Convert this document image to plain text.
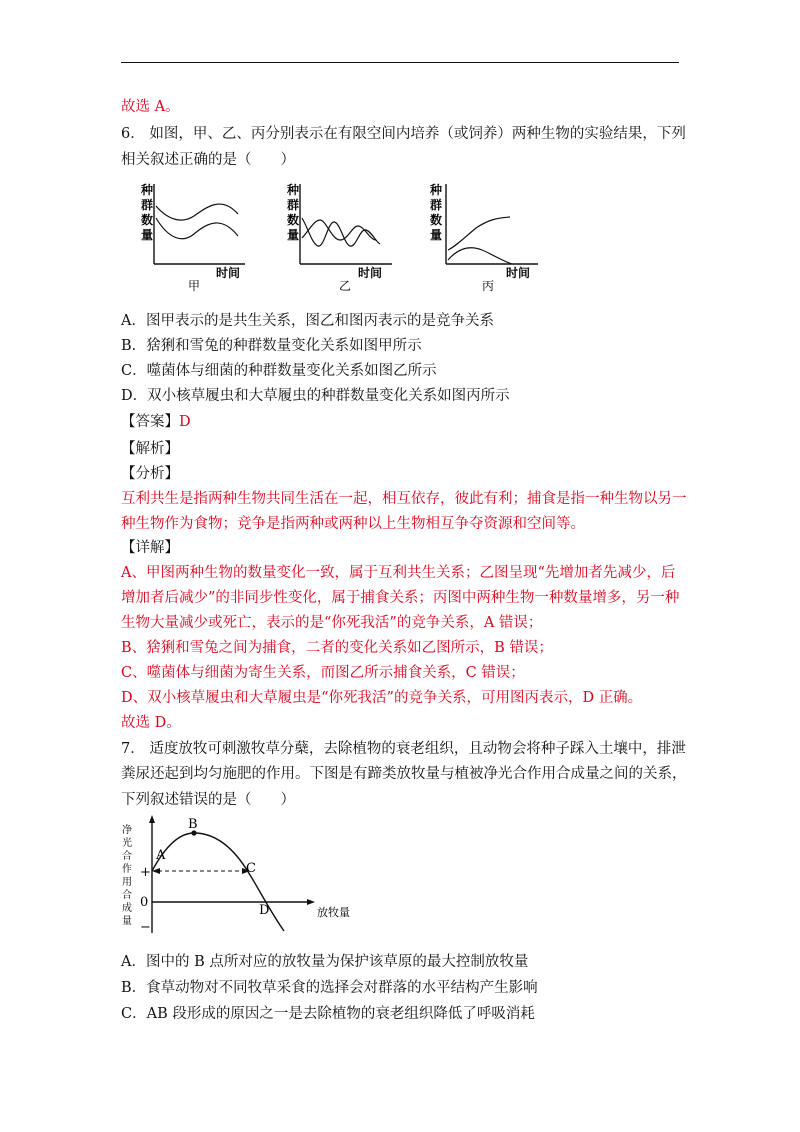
故选 A。
6． 如图，甲、乙、丙分别表示在有限空间内培养（或饲养）两种生物的实验结果，下列
相关叙述正确的是（　　）
种
群
数
量
时间
甲
种
群
数
量
时间
乙
种
群
数
量
时间
丙
A．图甲表示的是共生关系，图乙和图丙表示的是竞争关系
B．猞猁和雪兔的种群数量变化关系如图甲所示
C．噬菌体与细菌的种群数量变化关系如图乙所示
D．双小核草履虫和大草履虫的种群数量变化关系如图丙所示
【答案】D
【解析】
【分析】
互利共生是指两种生物共同生活在一起，相互依存，彼此有利；捕食是指一种生物以另一
种生物作为食物；竞争是指两种或两种以上生物相互争夺资源和空间等。
【详解】
A、甲图两种生物的数量变化一致，属于互利共生关系；乙图呈现“先增加者先减少，后
增加者后减少”的非同步性变化，属于捕食关系；丙图中两种生物一种数量增多，另一种
生物大量减少或死亡，表示的是“你死我活”的竞争关系，A 错误；
B、猞猁和雪兔之间为捕食，二者的变化关系如乙图所示，B 错误；
C、噬菌体与细菌为寄生关系，而图乙所示捕食关系，C 错误；
D、双小核草履虫和大草履虫是“你死我活”的竞争关系，可用图丙表示，D 正确。
故选 D。
7． 适度放牧可刺激牧草分蘖，去除植物的衰老组织，且动物会将种子踩入土壤中，排泄
粪尿还起到均匀施肥的作用。下图是有蹄类放牧量与植被净光合作用合成量之间的关系，
下列叙述错误的是（　　）
净
光
合
作
用
合
成
量
+
0
−
A
B
C
D	放牧量
A．图中的 B 点所对应的放牧量为保护该草原的最大控制放牧量
B．食草动物对不同牧草采食的选择会对群落的水平结构产生影响
C．AB 段形成的原因之一是去除植物的衰老组织降低了呼吸消耗
